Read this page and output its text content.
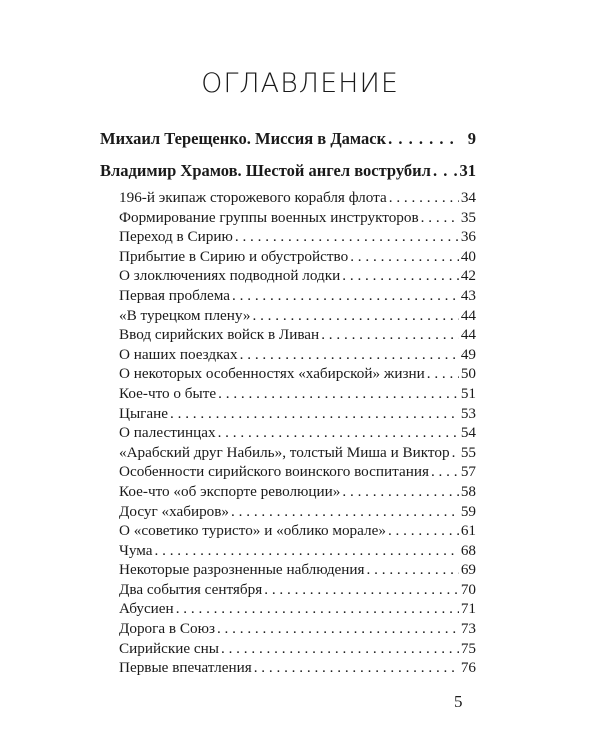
ОГЛАВЛЕНИЕ
Михаил Терещенко. Миссия в Дамаск . . .	9
Владимир Храмов. Шестой ангел вострубил . . . 31
196-й экипаж сторожевого корабля флота . . .	34
Формирование группы военных инструкторов . . .	35
Переход в Сирию . . .	36
Прибытие в Сирию и обустройство . . .	40
О злоключениях подводной лодки . . .	42
Первая проблема . . .	43
«В турецком плену» . . .	44
Ввод сирийских войск в Ливан . . .	44
О наших поездках . . .	49
О некоторых особенностях «хабирской» жизни . . . 50
Кое-что о быте . . .	51
Цыгане . . .	53
О палестинцах . . .	54
«Арабский друг Набиль», толстый Миша и Виктор . . . 55
Особенности сирийского воинского воспитания . . . 57
Кое-что «об экспорте революции» . . .	58
Досуг «хабиров» . . .	59
О «советико туристо» и «облико морале» . . .	61
Чума . . .	68
Некоторые разрозненные наблюдения . . .	69
Два события сентября . . .	70
Абусиен . . .	71
Дорога в Союз . . .	73
Сирийские сны . . .	75
Первые впечатления . . .	76
5
